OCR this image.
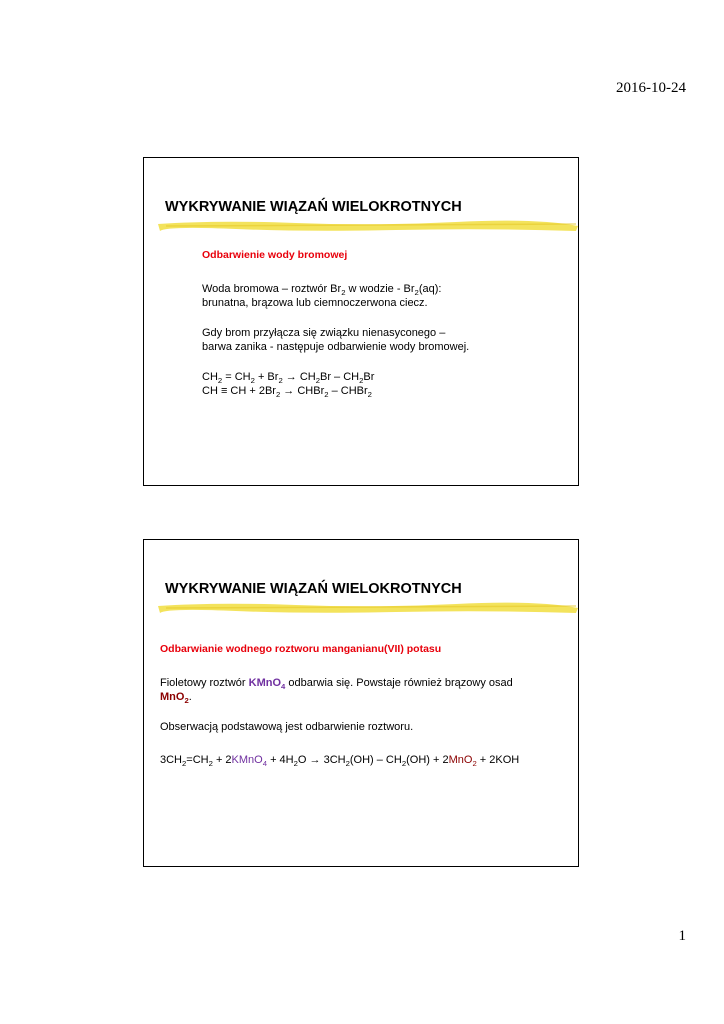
2016-10-24
WYKRYWANIE WIĄZAŃ WIELOKROTNYCH

Odbarwienie wody bromowej

Woda bromowa – roztwór $Br_2$ w wodzie - $Br_2(aq)$:
brunatna, brązowa lub ciemnoczerwona ciecz.

Gdy brom przyłącza się związku nienasyconego –
barwa zanika - następuje odbarwienie wody bromowej.

$CH_2 = CH_2 + Br_2 \to CH_2Br - CH_2Br$

CH ≡ CH + $2Br_2$ → CHBr$_2$ – CHBr$_2$

WYKRYWANIE WIĄZAŃ WIELOKROTNYCH

Odbarwianie wodnego roztworu manganianu(VII) potasu

Fioletowy roztwór KMnO$_4$ odbarwia się. Powstaje również brązowy osad
MnO$_2$.

Obserwacją podstawową jest odbarwienie roztworu.

$3CH_2=CH_2$ + 2KMnO$_4$ + $4H_2O \to 3CH_2(OH) - CH_2(OH) + 2MnO_2 + 2KOH$

1
